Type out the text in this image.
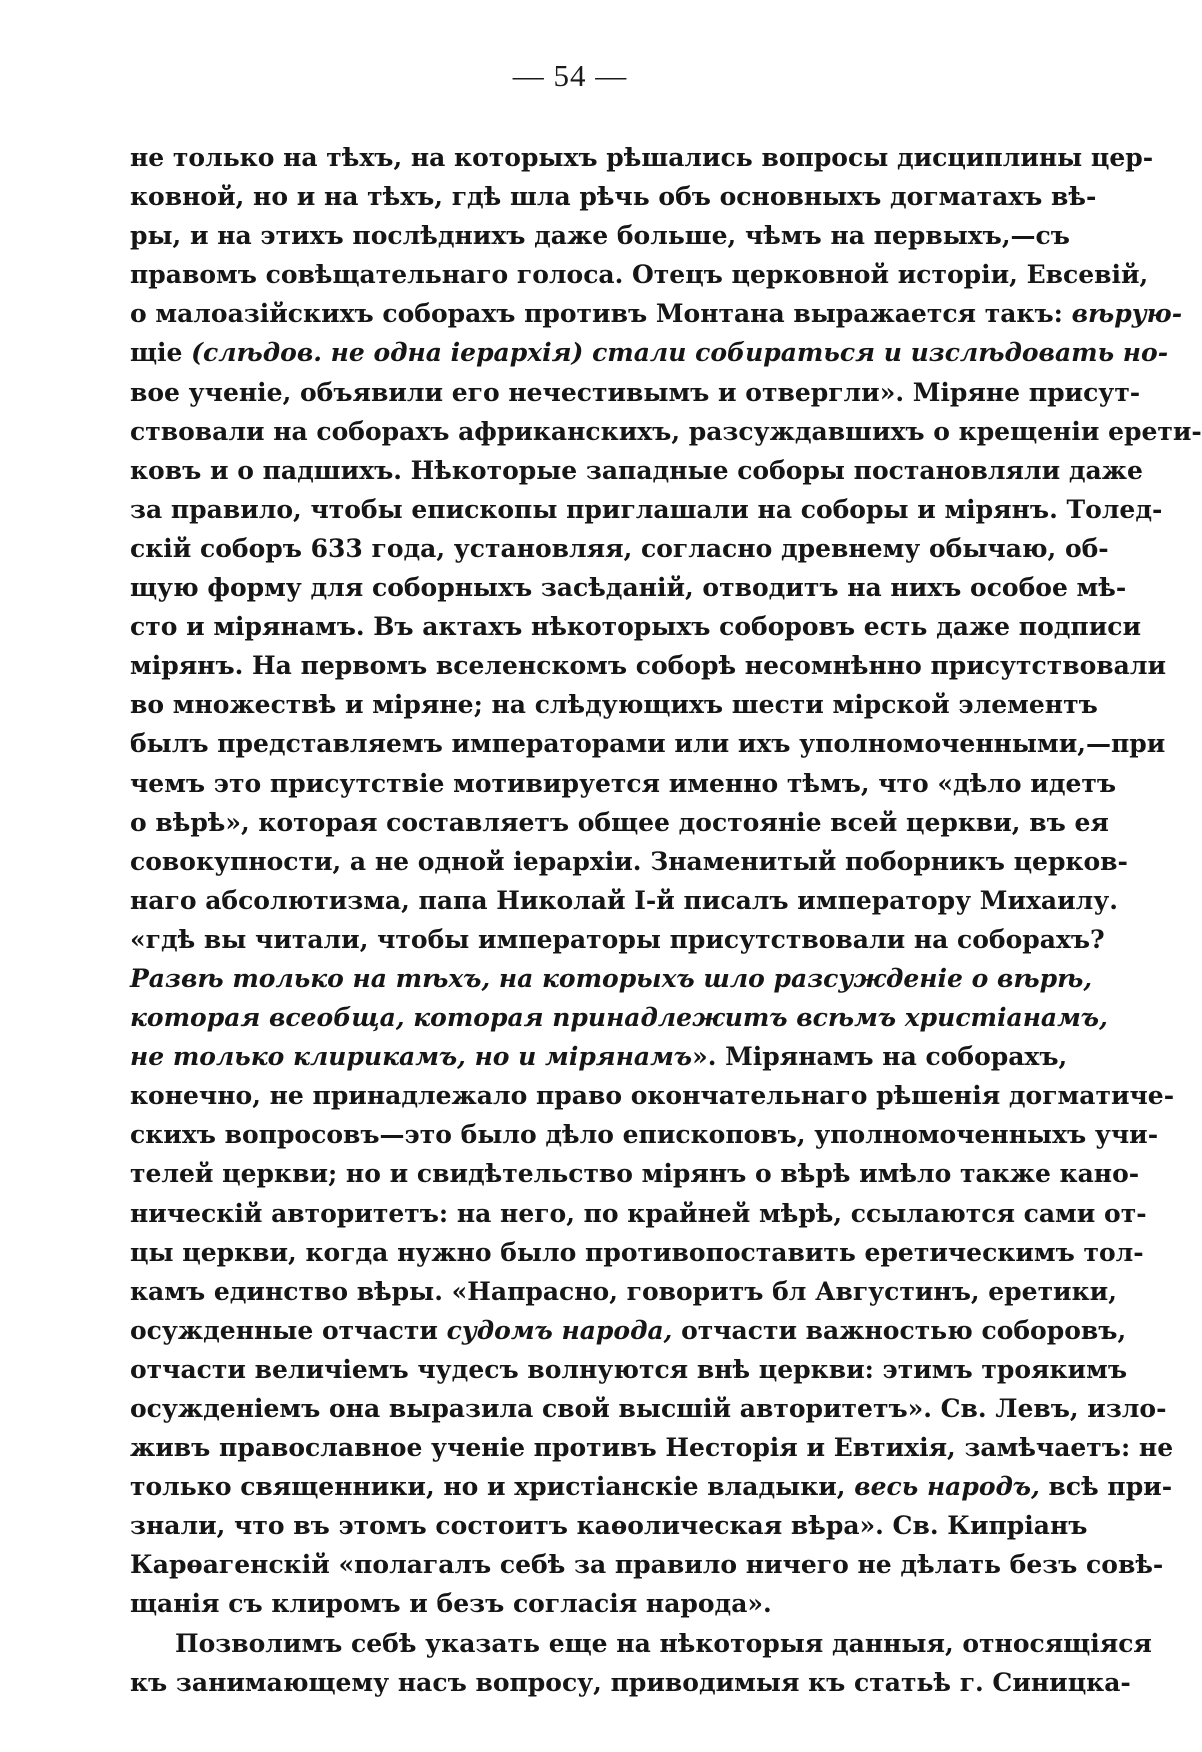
— 54 —
не только на тѣхъ, на которыхъ рѣшались вопросы дисциплины цер-
ковной, но и на тѣхъ, гдѣ шла рѣчь объ основныхъ догматахъ вѣ-
ры, и на этихъ послѣднихъ даже больше, чѣмъ на первыхъ,—съ
правомъ совѣщательнаго голоса. Отецъ церковной исторіи, Евсевій,
о малоазійскихъ соборахъ противъ Монтана выражается такъ: вѣрую-
щіе (слѣдов. не одна іерархія) стали собираться и изслѣдовать но-
вое ученіе, объявили его нечестивымъ и отвергли». Міряне присут-
ствовали на соборахъ африканскихъ, разсуждавшихъ о крещеніи ерети-
ковъ и о падшихъ. Нѣкоторые западные соборы постановляли даже
за правило, чтобы епископы приглашали на соборы и мірянъ. Толед-
скій соборъ 633 года, установляя, согласно древнему обычаю, об-
щую форму для соборныхъ засѣданій, отводитъ на нихъ особое мѣ-
сто и мірянамъ. Въ актахъ нѣкоторыхъ соборовъ есть даже подписи
мірянъ. На первомъ вселенскомъ соборѣ несомнѣнно присутствовали
во множествѣ и міряне; на слѣдующихъ шести мірской элементъ
былъ представляемъ императорами или ихъ уполномоченными,—при
чемъ это присутствіе мотивируется именно тѣмъ, что «дѣло идетъ
о вѣрѣ», которая составляетъ общее достояніе всей церкви, въ ея
совокупности, а не одной іерархіи. Знаменитый поборникъ церков-
наго абсолютизма, папа Николай I-й писалъ императору Михаилу.
«гдѣ вы читали, чтобы императоры присутствовали на соборахъ?
Развѣ только на тѣхъ, на которыхъ шло разсужденіе о вѣрѣ,
которая всеобща, которая принадлежитъ всѣмъ христіанамъ,
не только клирикамъ, но и мірянамъ». Мірянамъ на соборахъ,
конечно, не принадлежало право окончательнаго рѣшенія догматиче-
скихъ вопросовъ—это было дѣло епископовъ, уполномоченныхъ учи-
телей церкви; но и свидѣтельство мірянъ о вѣрѣ имѣло также кано-
ническій авторитетъ: на него, по крайней мѣрѣ, ссылаются сами от-
цы церкви, когда нужно было противопоставить еретическимъ тол-
камъ единство вѣры. «Напрасно, говоритъ бл Августинъ, еретики,
осужденные отчасти судомъ народа, отчасти важностью соборовъ,
отчасти величіемъ чудесъ волнуются внѣ церкви: этимъ троякимъ
осужденіемъ она выразила свой высшій авторитетъ». Св. Левъ, изло-
живъ православное ученіе противъ Несторія и Евтихія, замѣчаетъ: не
только священники, но и христіанскіе владыки, весь народъ, всѣ при-
знали, что въ этомъ состоитъ каѳолическая вѣра». Св. Кипріанъ
Карѳагенскій «полагалъ себѣ за правило ничего не дѣлать безъ совѣ-
щанія съ клиромъ и безъ согласія народа».
Позволимъ себѣ указать еще на нѣкоторыя данныя, относящіяся
къ занимающему насъ вопросу, приводимыя къ статьѣ г. Синицка-
